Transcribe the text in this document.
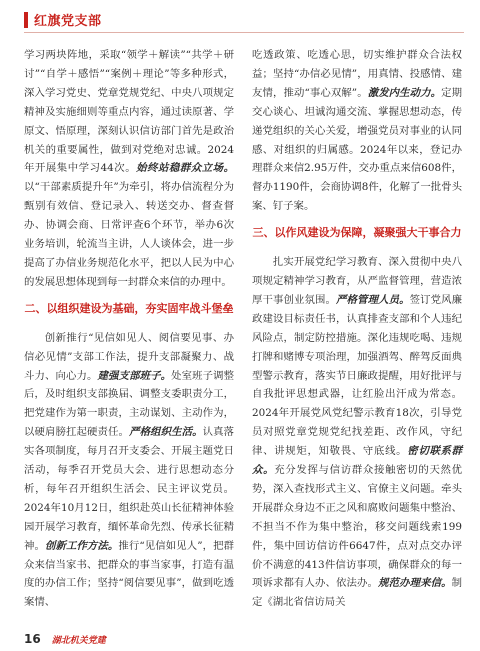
红旗党支部

学习两块阵地，采取“领学＋解读”“共学＋研讨”“自学＋感悟”“案例＋理论”等多种形式，深入学习党史、党章党规党纪、中央八项规定精神及实施细则等重点内容，通过读原著、学原文、悟原理，深刻认识信访部门首先是政治机关的重要属性，做到对党绝对忠诚。2024年开展集中学习44次。始终站稳群众立场。以“干部素质提升年”为牵引，将办信流程分为甄别有效信、登记录入、转送交办、督查督办、协调会商、日常评查6个环节，举办6次业务培训，轮流当主讲，人人谈体会，进一步提高了办信业务规范化水平，把以人民为中心的发展思想体现到每一封群众来信的办理中。

二、以组织建设为基础，夯实固牢战斗堡垒

创新推行“见信如见人、阅信要见事、办信必见情”支部工作法，提升支部凝聚力、战斗力、向心力。建强支部班子。处室班子调整后，及时组织支部换届、调整支委职责分工，把党建作为第一职责，主动谋划、主动作为，以硬肩膀扛起硬责任。严格组织生活。认真落实各项制度，每月召开支委会、开展主题党日活动，每季召开党员大会、进行思想动态分析，每年召开组织生活会、民主评议党员。2024年10月12日，组织赴英山长征精神体验园开展学习教育，缅怀革命先烈、传承长征精神。创新工作方法。推行“见信如见人”，把群众来信当家书、把群众的事当家事，打造有温度的办信工作；坚持“阅信要见事”，做到吃透案情、

吃透政策、吃透心思，切实维护群众合法权益；坚持“办信必见情”，用真情、投感情、建友情，推动“事心双解”。激发内生动力。定期交心谈心、坦诚沟通交流、掌握思想动态，传递党组织的关心关爱，增强党员对事业的认同感、对组织的归属感。2024年以来，登记办理群众来信2.95万件，交办重点来信608件，督办1190件，会商协调8件，化解了一批骨头案、钉子案。

三、以作风建设为保障，凝聚强大干事合力

扎实开展党纪学习教育、深入贯彻中央八项规定精神学习教育，从严监督管理，营造浓厚干事创业氛围。严格管理人员。签订党风廉政建设目标责任书，认真排查支部和个人违纪风险点，制定防控措施。深化违规吃喝、违规打牌和赌博专项治理，加强酒驾、醉驾反面典型警示教育，落实节日廉政提醒，用好批评与自我批评思想武器，让红脸出汗成为常态。2024年开展党风党纪警示教育18次，引导党员对照党章党规党纪找差距、改作风，守纪律、讲规矩，知敬畏、守底线。密切联系群众。充分发挥与信访群众接触密切的天然优势，深入查找形式主义、官僚主义问题。牵头开展群众身边不正之风和腐败问题集中整治、不担当不作为集中整治，移交问题线索199件，集中回访信访件6647件，点对点交办评价不满意的413件信访事项，确保群众的每一项诉求都有人办、依法办。规范办理来信。制定《湖北省信访局关

16 湖北机关党建
